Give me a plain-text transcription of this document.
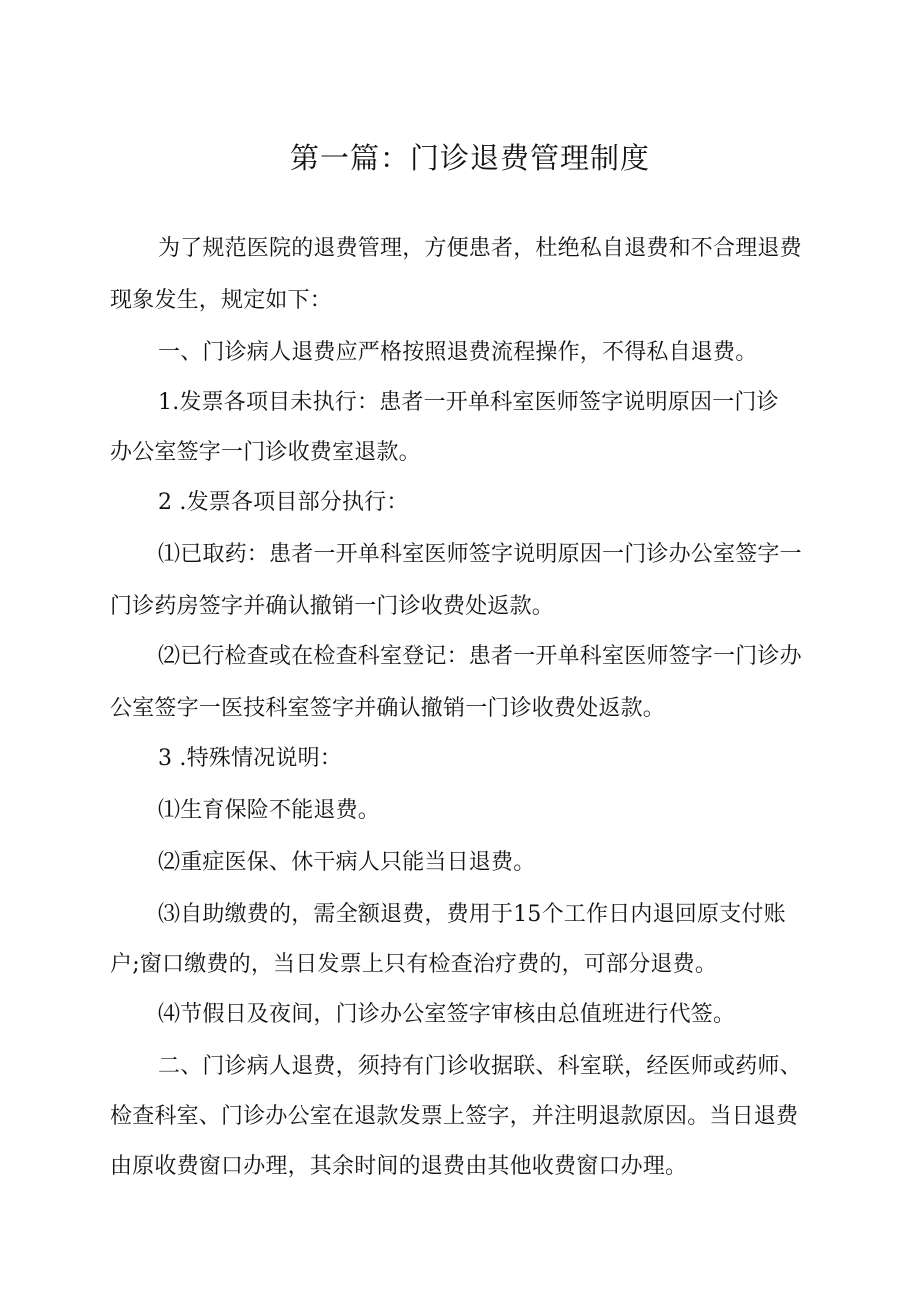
第一篇：门诊退费管理制度
为了规范医院的退费管理，方便患者，杜绝私自退费和不合理退费
现象发生，规定如下：
一、门诊病人退费应严格按照退费流程操作，不得私自退费。
1.发票各项目未执行：患者一开单科室医师签字说明原因一门诊
办公室签字一门诊收费室退款。
2 .发票各项目部分执行：
⑴已取药：患者一开单科室医师签字说明原因一门诊办公室签字一
门诊药房签字并确认撤销一门诊收费处返款。
⑵已行检查或在检查科室登记：患者一开单科室医师签字一门诊办
公室签字一医技科室签字并确认撤销一门诊收费处返款。
3 .特殊情况说明：
⑴生育保险不能退费。
⑵重症医保、休干病人只能当日退费。
⑶自助缴费的，需全额退费，费用于15个工作日内退回原支付账
户;窗口缴费的，当日发票上只有检查治疗费的，可部分退费。
⑷节假日及夜间，门诊办公室签字审核由总值班进行代签。
二、门诊病人退费，须持有门诊收据联、科室联，经医师或药师、
检查科室、门诊办公室在退款发票上签字，并注明退款原因。当日退费
由原收费窗口办理，其余时间的退费由其他收费窗口办理。
